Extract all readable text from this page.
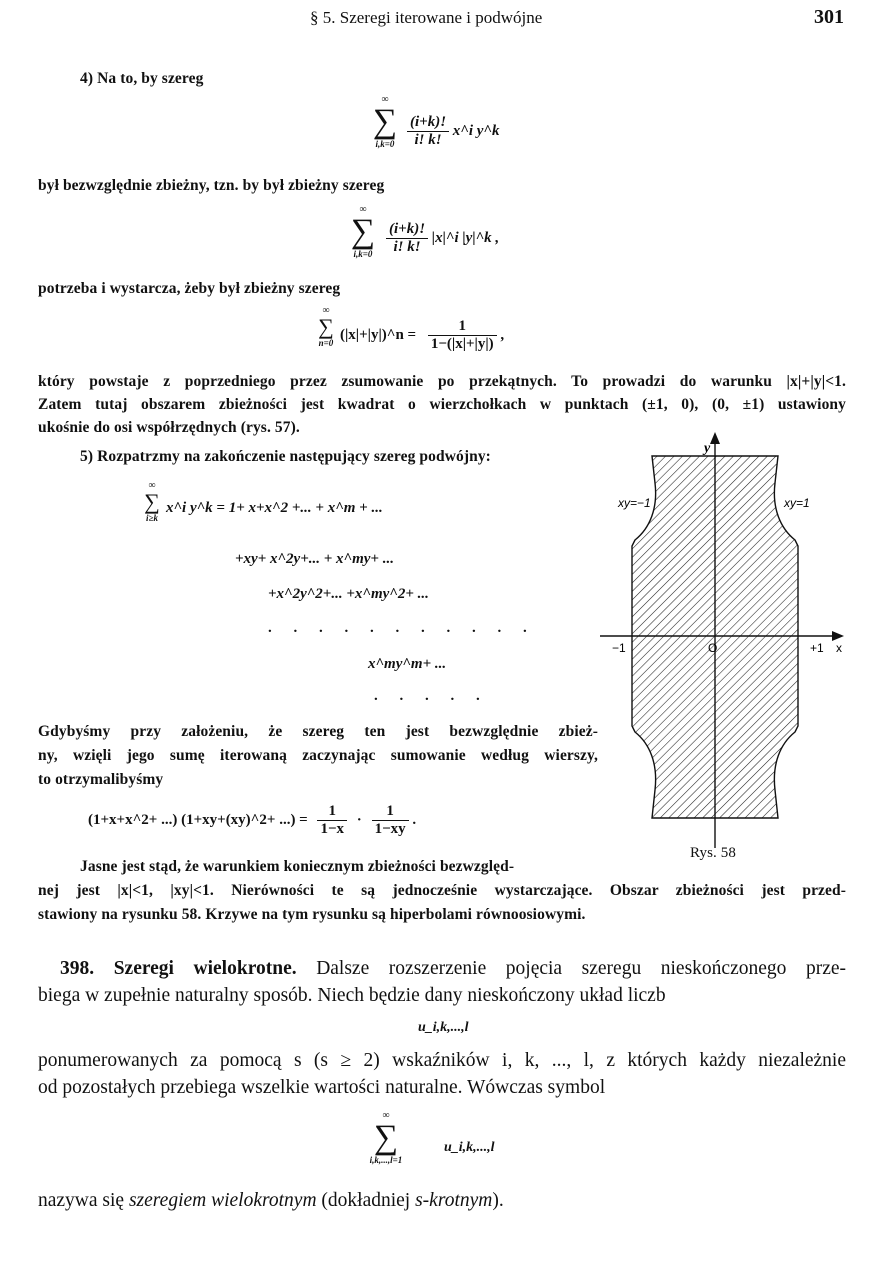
§ 5. Szeregi iterowane i podwójne	301
4) Na to, by szereg
∞
∑
$i,k=0 \frac{(i+k)!}{i! k!}$ x^i y^k
był bezwzględnie zbieżny, tzn. by był zbieżny szereg
∞
∑
$i,k=0 \frac{(i+k)!}{i! k!}$ |x|^i |y|^k ,
potrzeba i wystarcza, żeby był zbieżny szereg
∞
∑
n=0 (|x|+|y|)^n = $\frac{1}{1-(|x|+|y|)}$ ,
który powstaje z poprzedniego przez zsumowanie po przekątnych. To prowadzi do warunku |x|+|y|<1.
Zatem tutaj obszarem zbieżności jest kwadrat o wierzchołkach w punktach (±1, 0), (0, ±1) ustawiony
ukośnie do osi współrzędnych (rys. 57).
5) Rozpatrzmy na zakończenie następujący szereg podwójny:
∞
∑
i≥k
x^i y^k = 1+ x+x^2 +... + x^m + ...
+xy+ x^2y+... + x^my+ ...
+x^2y^2+... +x^my^2+ ...
. . . . . . . . . . .
x^my^m+ ...
. . . . .
Gdybyśmy przy założeniu, że szereg ten jest bezwzględnie zbież-
ny, wzięli jego sumę iterowaną zaczynając sumowanie według wierszy,
to otrzymalibyśmy
(1+x+x^2+ ...) (1+xy+(xy)^2+ ...) = $\frac{1}{1-x} \cdot \frac{1}{1-xy}$ .
Jasne jest stąd, że warunkiem koniecznym zbieżności bezwzględ-
nej jest |x|<1, |xy|<1. Nierówności te są jednocześnie wystarczające. Obszar zbieżności jest przed-
stawiony na rysunku 58. Krzywe na tym rysunku są hiperbolami równoosiowymi.
y
O
−1	+1 x
xy=−1	xy=1
Rys. 58
398. Szeregi wielokrotne. Dalsze rozszerzenie pojęcia szeregu nieskończonego prze-
biega w zupełnie naturalny sposób. Niech będzie dany nieskończony układ liczb
u_i,k,...,l
ponumerowanych za pomocą s (s ≥ 2) wskaźników i, k, ..., l, z których każdy niezależnie
od pozostałych przebiega wszelkie wartości naturalne. Wówczas symbol
∞
∑
i,k,...,l=1
u_i,k,...,l
nazywa się szeregiem wielokrotnym (dokładniej s-krotnym).
